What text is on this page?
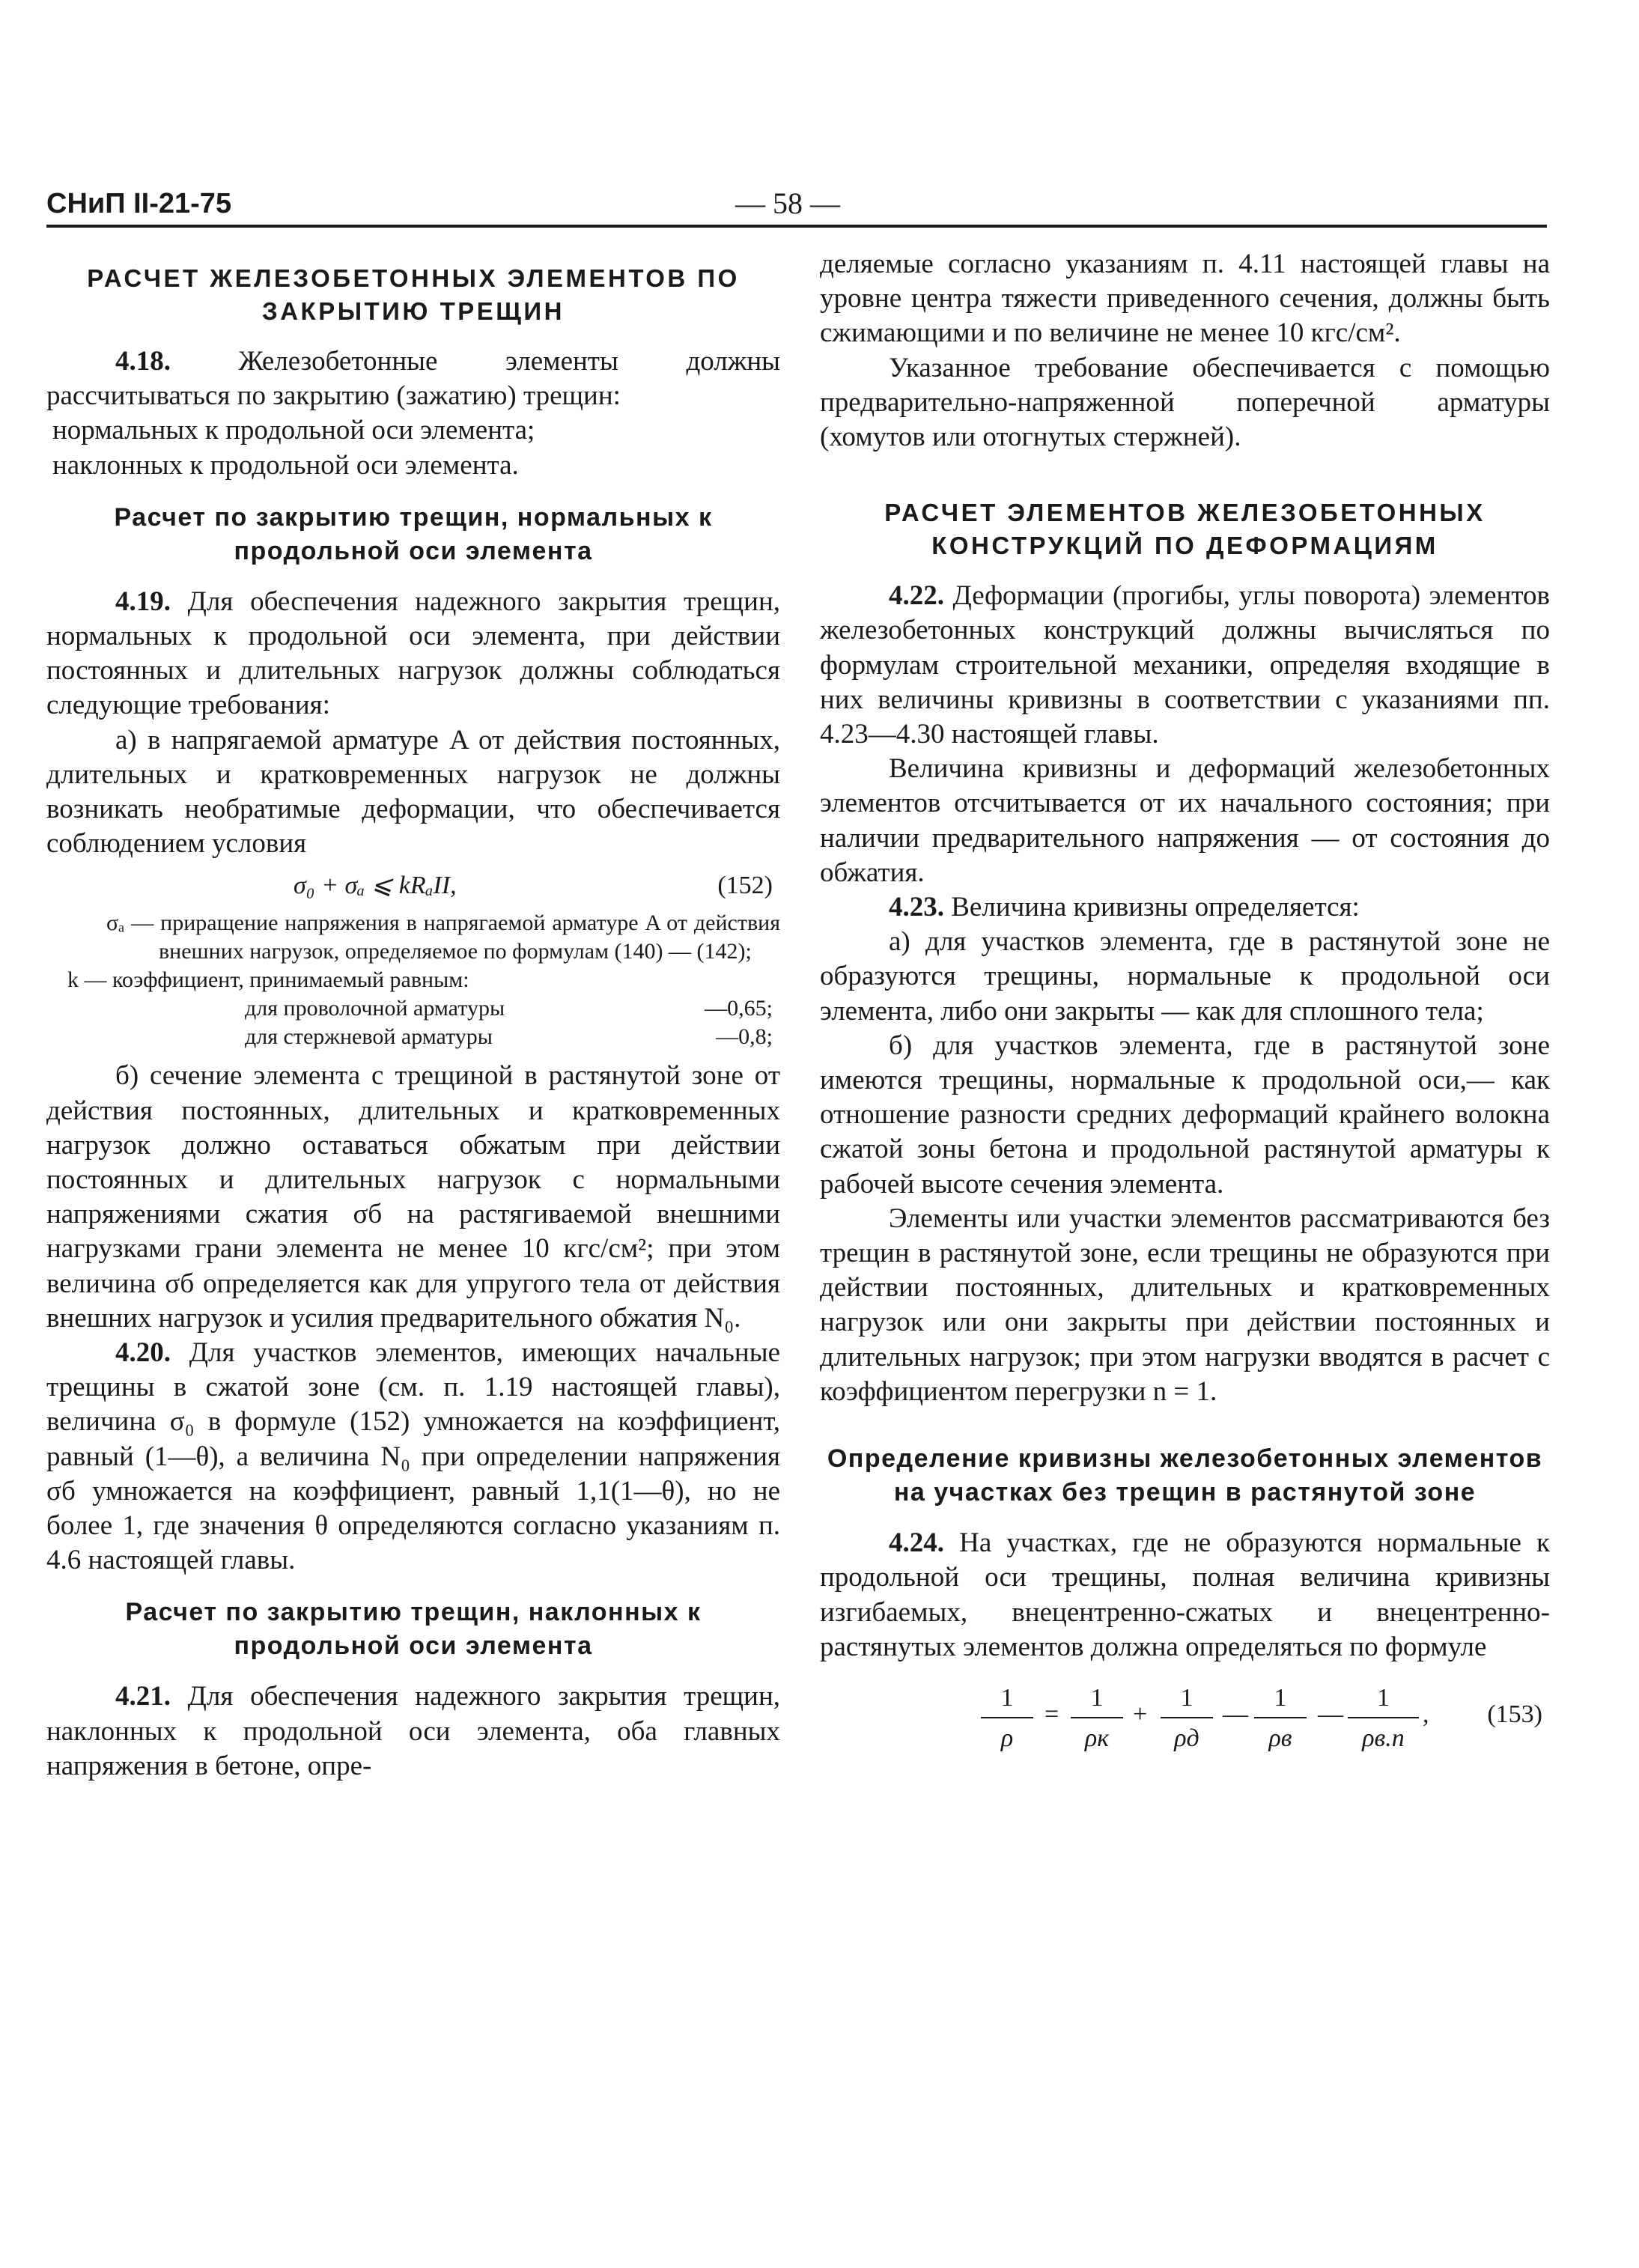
СНиП II-21-75	— 58 —
РАСЧЕТ ЖЕЛЕЗОБЕТОННЫХ ЭЛЕМЕНТОВ ПО ЗАКРЫТИЮ ТРЕЩИН

4.18. Железобетонные элементы должны рассчитываться по закрытию (зажатию) трещин:

нормальных к продольной оси элемента;

наклонных к продольной оси элемента.

Расчет по закрытию трещин, нормальных к продольной оси элемента

4.19. Для обеспечения надежного закрытия трещин, нормальных к продольной оси элемента, при действии постоянных и длительных нагрузок должны соблюдаться следующие требования:

а) в напрягаемой арматуре A от действия постоянных, длительных и кратковременных нагрузок не должны возникать необратимые деформации, что обеспечивается соблюдением условия

σ₀ + σₐ ⩽ kRₐII,	(152)

σₐ — приращение напряжения в напрягаемой арматуре A от действия внешних нагрузок, определяемое по формулам (140) — (142);

k — коэффициент, принимаемый равным:

для проволочной арматуры	—0,65;
для стержневой арматуры	—0,8;

б) сечение элемента с трещиной в растянутой зоне от действия постоянных, длительных и кратковременных нагрузок должно оставаться обжатым при действии постоянных и длительных нагрузок с нормальными напряжениями сжатия σб на растягиваемой внешними нагрузками грани элемента не менее 10 кгс/см²; при этом величина σб определяется как для упругого тела от действия внешних нагрузок и усилия предварительного обжатия N₀.

4.20. Для участков элементов, имеющих начальные трещины в сжатой зоне (см. п. 1.19 настоящей главы), величина σ₀ в формуле (152) умножается на коэффициент, равный (1—θ), а величина N₀ при определении напряжения σб умножается на коэффициент, равный 1,1(1—θ), но не более 1, где значения θ определяются согласно указаниям п. 4.6 настоящей главы.

Расчет по закрытию трещин, наклонных к продольной оси элемента

4.21. Для обеспечения надежного закрытия трещин, наклонных к продольной оси элемента, оба главных напряжения в бетоне, опре-

деляемые согласно указаниям п. 4.11 настоящей главы на уровне центра тяжести приведенного сечения, должны быть сжимающими и по величине не менее 10 кгс/см².

Указанное требование обеспечивается с помощью предварительно-напряженной поперечной арматуры (хомутов или отогнутых стержней).

РАСЧЕТ ЭЛЕМЕНТОВ ЖЕЛЕЗОБЕТОННЫХ КОНСТРУКЦИЙ ПО ДЕФОРМАЦИЯМ

4.22. Деформации (прогибы, углы поворота) элементов железобетонных конструкций должны вычисляться по формулам строительной механики, определяя входящие в них величины кривизны в соответствии с указаниями пп. 4.23—4.30 настоящей главы.

Величина кривизны и деформаций железобетонных элементов отсчитывается от их начального состояния; при наличии предварительного напряжения — от состояния до обжатия.

4.23. Величина кривизны определяется:

а) для участков элемента, где в растянутой зоне не образуются трещины, нормальные к продольной оси элемента, либо они закрыты — как для сплошного тела;

б) для участков элемента, где в растянутой зоне имеются трещины, нормальные к продольной оси,— как отношение разности средних деформаций крайнего волокна сжатой зоны бетона и продольной растянутой арматуры к рабочей высоте сечения элемента.

Элементы или участки элементов рассматриваются без трещин в растянутой зоне, если трещины не образуются при действии постоянных, длительных и кратковременных нагрузок или они закрыты при действии постоянных и длительных нагрузок; при этом нагрузки вводятся в расчет с коэффициентом перегрузки n = 1.

Определение кривизны железобетонных элементов на участках без трещин в растянутой зоне

4.24. На участках, где не образуются нормальные к продольной оси трещины, полная величина кривизны изгибаемых, внецентренно-сжатых и внецентренно-растянутых элементов должна определяться по формуле

$\frac{1}{\rho}$ =
1
ρк
+
1
ρд
—
1
ρв
—
1
ρв.п
, (153)
